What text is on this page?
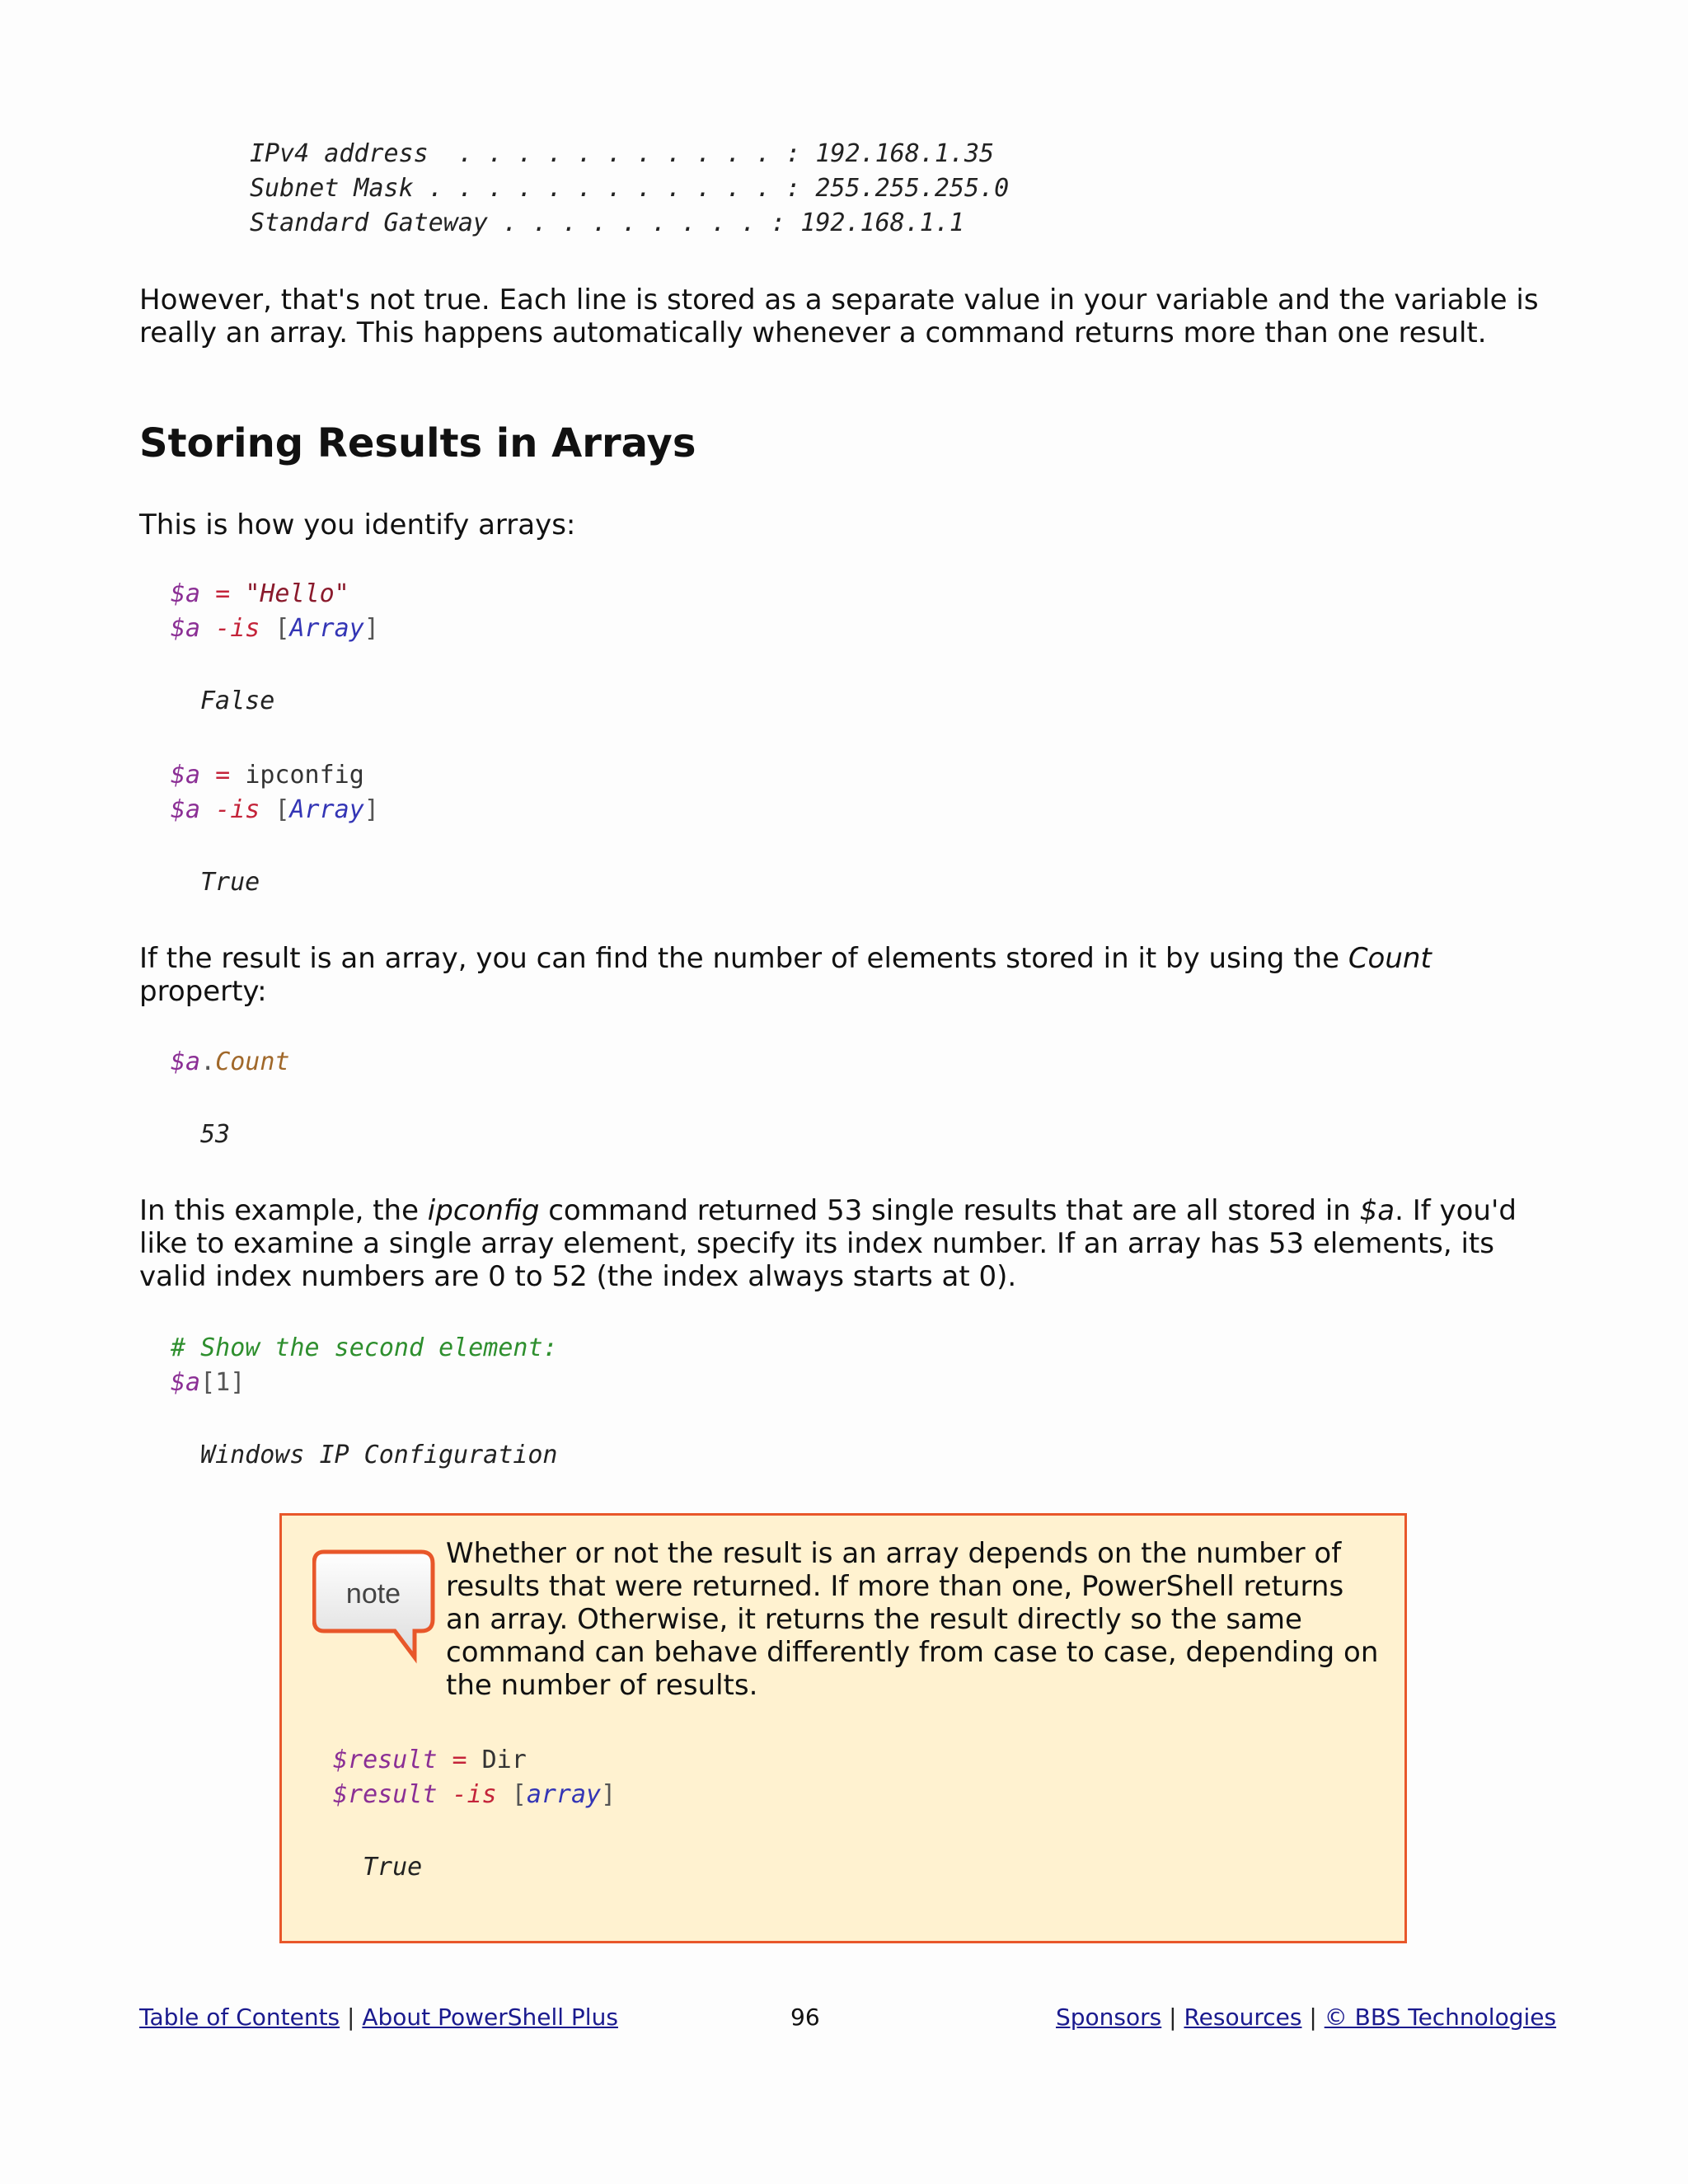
IPv4 address  . . . . . . . . . . . : 192.168.1.35
Subnet Mask . . . . . . . . . . . . : 255.255.255.0
Standard Gateway . . . . . . . . . : 192.168.1.1

However, that's not true. Each line is stored as a separate value in your variable and the variable is really an array. This happens automatically whenever a command returns more than one result.

Storing Results in Arrays

This is how you identify arrays:

$a = "Hello"
$a -is [Array]
False
$a = ipconfig
$a -is [Array]
True

If the result is an array, you can find the number of elements stored in it by using the Count property:

$a.Count
53

In this example, the ipconfig command returned 53 single results that are all stored in $a. If you'd like to examine a single array element, specify its index number. If an array has 53 elements, its valid index numbers are 0 to 52 (the index always starts at 0).

# Show the second element:
$a[1]
Windows IP Configuration
note
Whether or not the result is an array depends on the number of results that were returned. If more than one, PowerShell returns an array. Otherwise, it returns the result directly so the same command can behave differently from case to case, depending on the number of results.
$result = Dir
$result -is [array]
True
Table of Contents | About PowerShell Plus	96	Sponsors | Resources | © BBS Technologies
